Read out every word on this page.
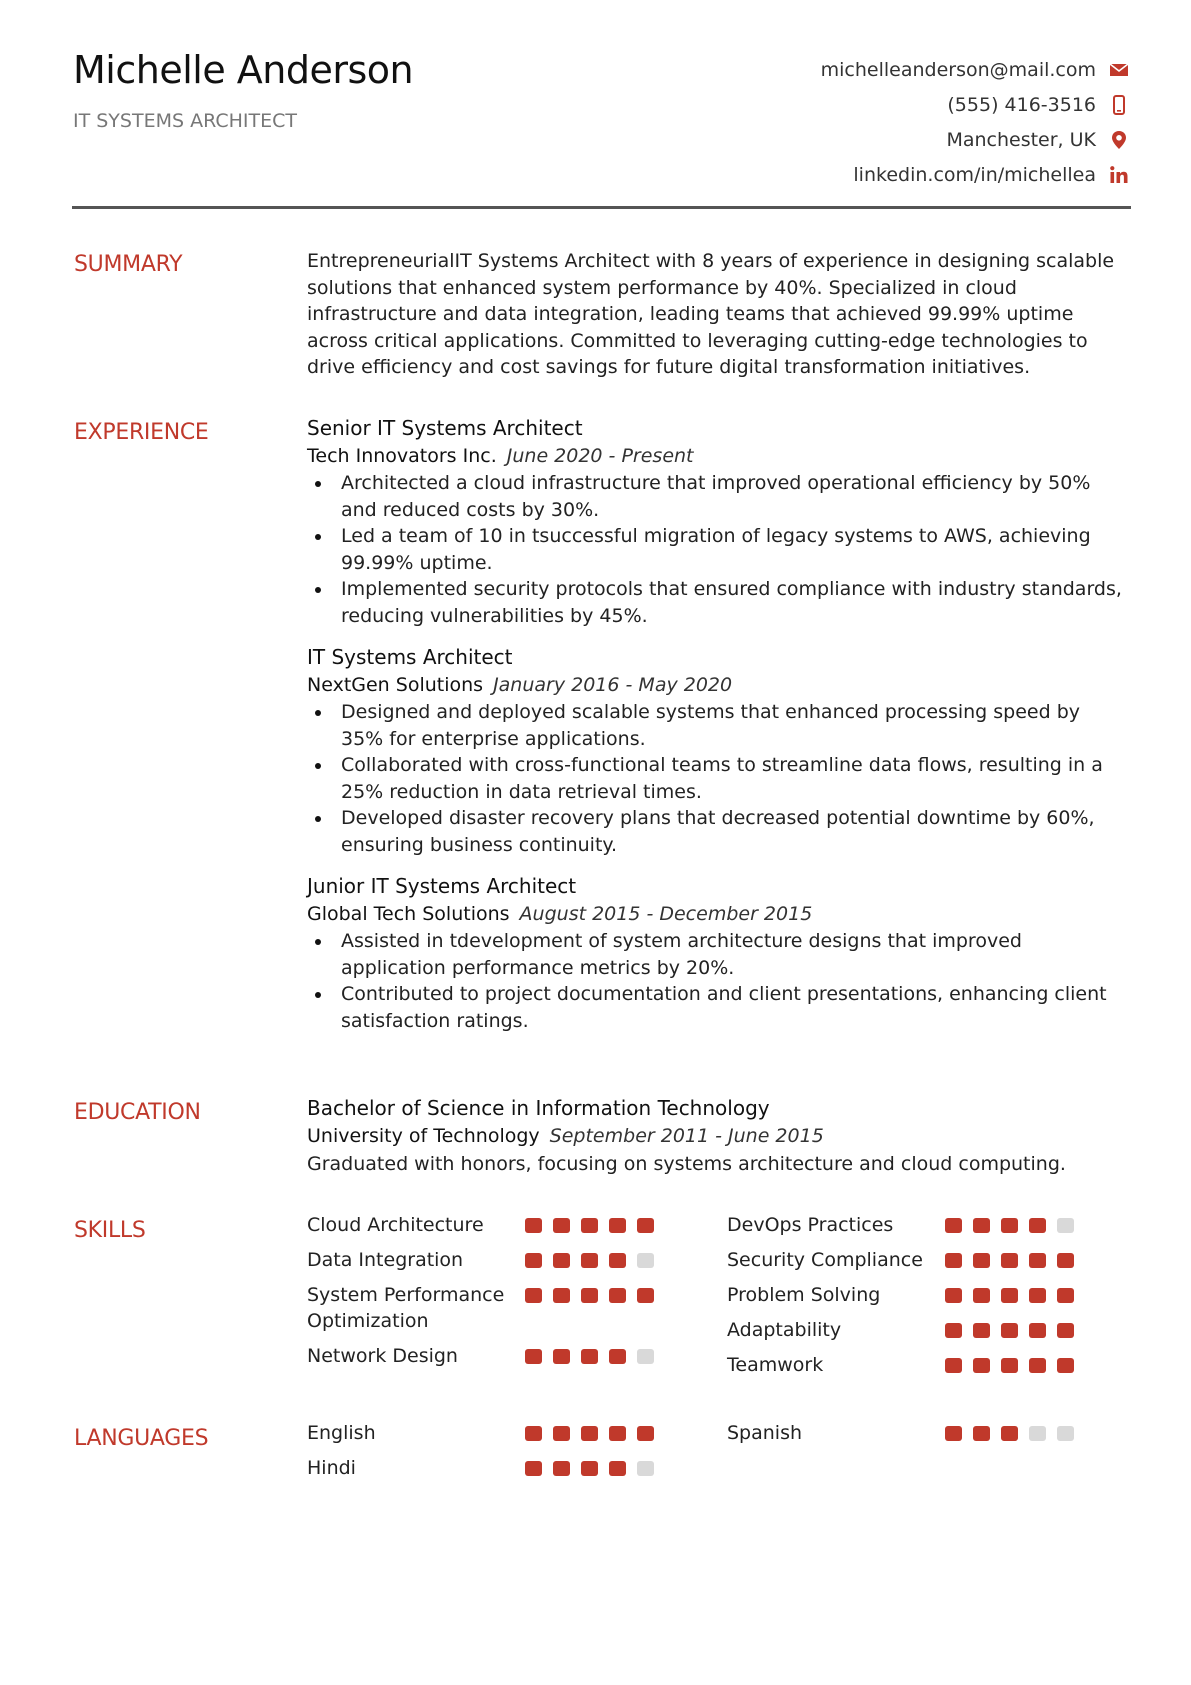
Michelle Anderson
IT SYSTEMS ARCHITECT
michelleanderson@mail.com
(555) 416-3516
Manchester, UK
linkedin.com/in/michellea
SUMMARY	EntrepreneurialIT Systems Architect with 8 years of experience in designing scalable solutions that enhanced system performance by 40%. Specialized in cloud infrastructure and data integration, leading teams that achieved 99.99% uptime across critical applications. Committed to leveraging cutting-edge technologies to drive efficiency and cost savings for future digital transformation initiatives.

EXPERIENCE	Senior IT Systems Architect
Tech Innovators Inc. June 2020 - Present
Architected a cloud infrastructure that improved operational efficiency by 50% and reduced costs by 30%.
Led a team of 10 in tsuccessful migration of legacy systems to AWS, achieving 99.99% uptime.
Implemented security protocols that ensured compliance with industry standards, reducing vulnerabilities by 45%.
IT Systems Architect
NextGen Solutions January 2016 - May 2020
Designed and deployed scalable systems that enhanced processing speed by 35% for enterprise applications.
Collaborated with cross-functional teams to streamline data flows, resulting in a 25% reduction in data retrieval times.
Developed disaster recovery plans that decreased potential downtime by 60%, ensuring business continuity.
Junior IT Systems Architect
Global Tech Solutions August 2015 - December 2015
Assisted in tdevelopment of system architecture designs that improved application performance metrics by 20%.
Contributed to project documentation and client presentations, enhancing client satisfaction ratings.
EDUCATION	Bachelor of Science in Information Technology
University of Technology September 2011 - June 2015
Graduated with honors, focusing on systems architecture and cloud computing.
SKILLS	Cloud Architecture
Data Integration
System Performance Optimization
Network Design
DevOps Practices
Security Compliance
Problem Solving
Adaptability
Teamwork
LANGUAGES	English
Hindi
Spanish
